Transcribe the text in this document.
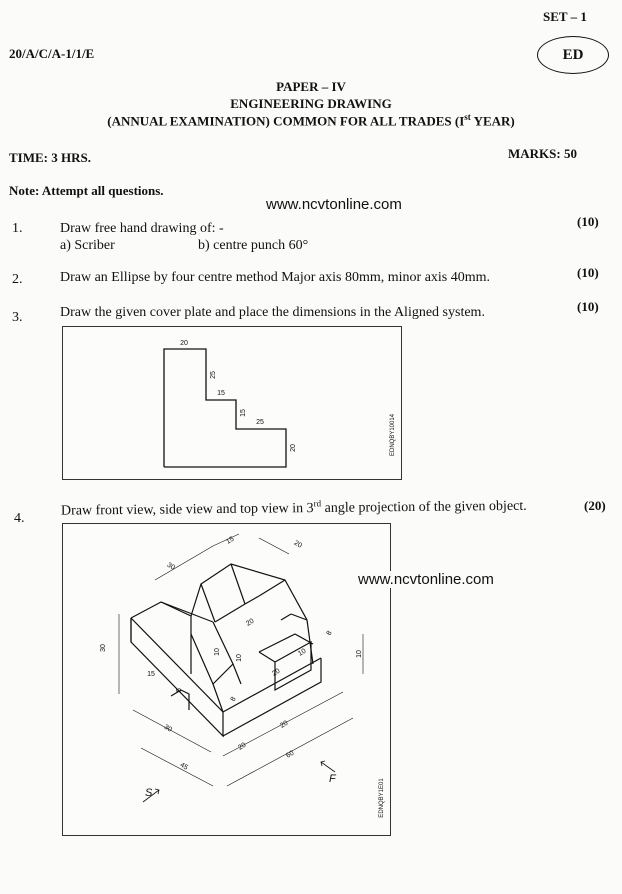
SET – 1
20/A/C/A-1/1/E	ED
PAPER – IV
ENGINEERING DRAWING
(ANNUAL EXAMINATION) COMMON FOR ALL TRADES (Ist YEAR)
TIME: 3 HRS.	MARKS: 50
Note: Attempt all questions.
www.ncvtonline.com
1.	Draw free hand drawing of: -
a) Scriber	b) centre punch 60°
(10)
2.	Draw an Ellipse by four centre method Major axis 80mm, minor axis 40mm.	(10)
3.	Draw the given cover plate and place the dimensions in the Aligned system.	(10)
20
25
15
15
25
20	EDNQBY10014
4.	Draw front view, side view and top view in 3rd angle projection of the given object.	(20)
15	20
30
30
20
10
8
10
15
5
30
20
20
8
45
60
10
20
10
S
F	EDNQBY1E01
www.ncvtonline.com
